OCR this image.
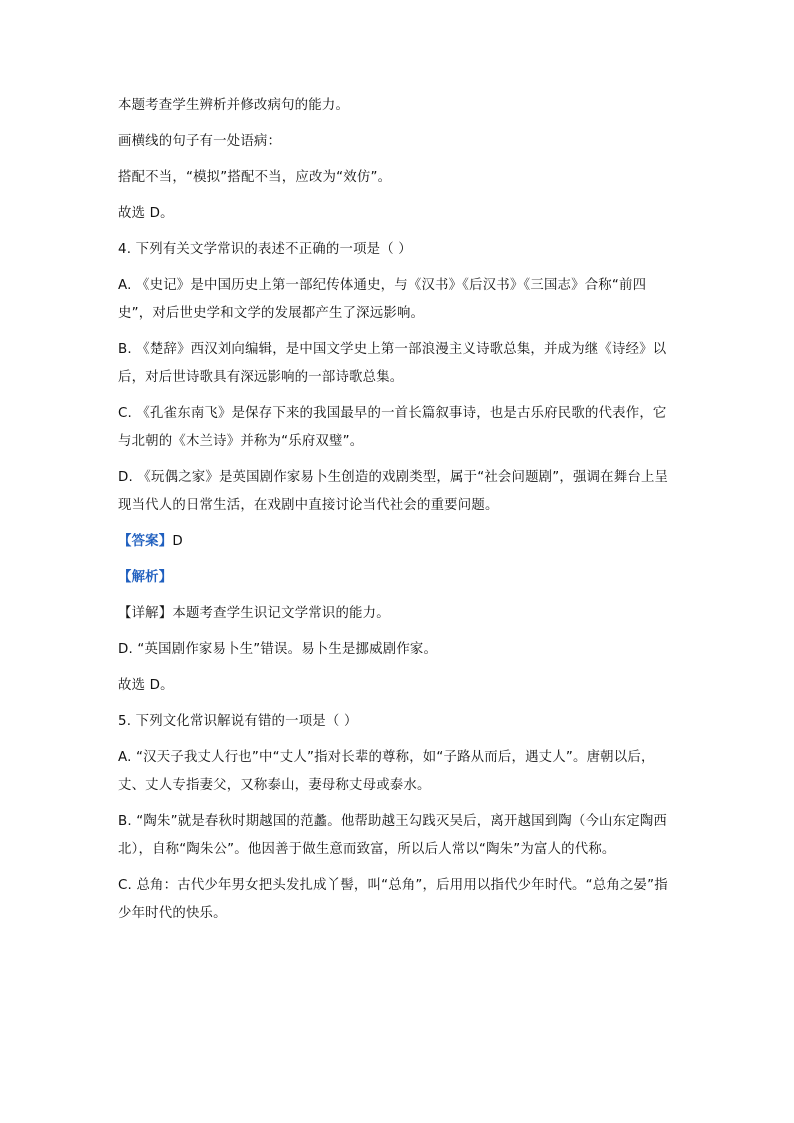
本题考查学生辨析并修改病句的能力。

画横线的句子有一处语病：

搭配不当，“模拟”搭配不当，应改为“效仿”。

故选 D。

4. 下列有关文学常识的表述不正确的一项是（ ）

A. 《史记》是中国历史上第一部纪传体通史，与《汉书》《后汉书》《三国志》合称“前四史”，对后世史学和文学的发展都产生了深远影响。

B. 《楚辞》西汉刘向编辑，是中国文学史上第一部浪漫主义诗歌总集，并成为继《诗经》以后，对后世诗歌具有深远影响的一部诗歌总集。

C. 《孔雀东南飞》是保存下来的我国最早的一首长篇叙事诗，也是古乐府民歌的代表作，它与北朝的《木兰诗》并称为“乐府双璧”。

D. 《玩偶之家》是英国剧作家易卜生创造的戏剧类型，属于“社会问题剧”，强调在舞台上呈现当代人的日常生活，在戏剧中直接讨论当代社会的重要问题。

【答案】D

【解析】

【详解】本题考查学生识记文学常识的能力。

D. “英国剧作家易卜生”错误。易卜生是挪威剧作家。

故选 D。

5. 下列文化常识解说有错的一项是（ ）

A. “汉天子我丈人行也”中“丈人”指对长辈的尊称，如“子路从而后，遇丈人”。唐朝以后，丈、丈人专指妻父，又称泰山，妻母称丈母或泰水。

B. “陶朱”就是春秋时期越国的范蠡。他帮助越王勾践灭吴后，离开越国到陶（今山东定陶西北），自称“陶朱公”。他因善于做生意而致富，所以后人常以“陶朱”为富人的代称。

C. 总角：古代少年男女把头发扎成丫髻，叫“总角”，后用用以指代少年时代。“总角之晏”指少年时代的快乐。
